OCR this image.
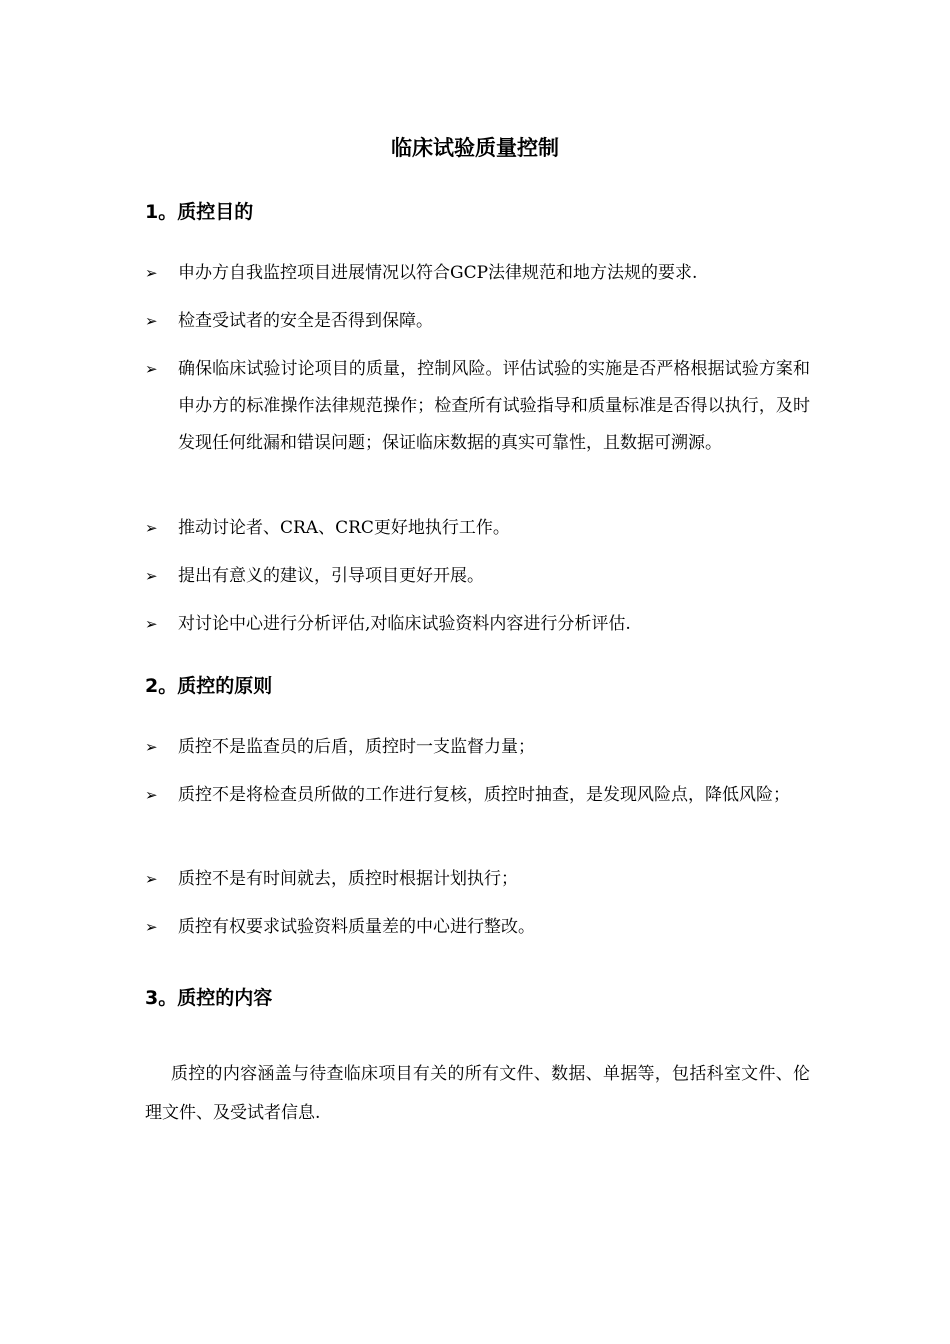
临床试验质量控制
1。质控目的
➢	申办方自我监控项目进展情况以符合GCP法律规范和地方法规的要求.
➢	检查受试者的安全是否得到保障。
➢	确保临床试验讨论项目的质量，控制风险。评估试验的实施是否严格根据试验方案和申办方的标准操作法律规范操作；检查所有试验指导和质量标准是否得以执行，及时发现任何纰漏和错误问题；保证临床数据的真实可靠性，且数据可溯源。
➢	推动讨论者、CRA、CRC更好地执行工作。
➢	提出有意义的建议，引导项目更好开展。
➢	对讨论中心进行分析评估,对临床试验资料内容进行分析评估.
2。质控的原则
➢	质控不是监查员的后盾，质控时一支监督力量；
➢	质控不是将检查员所做的工作进行复核，质控时抽查，是发现风险点，降低风险；
➢	质控不是有时间就去，质控时根据计划执行；
➢	质控有权要求试验资料质量差的中心进行整改。
3。质控的内容
质控的内容涵盖与待查临床项目有关的所有文件、数据、单据等，包括科室文件、伦理文件、及受试者信息.
